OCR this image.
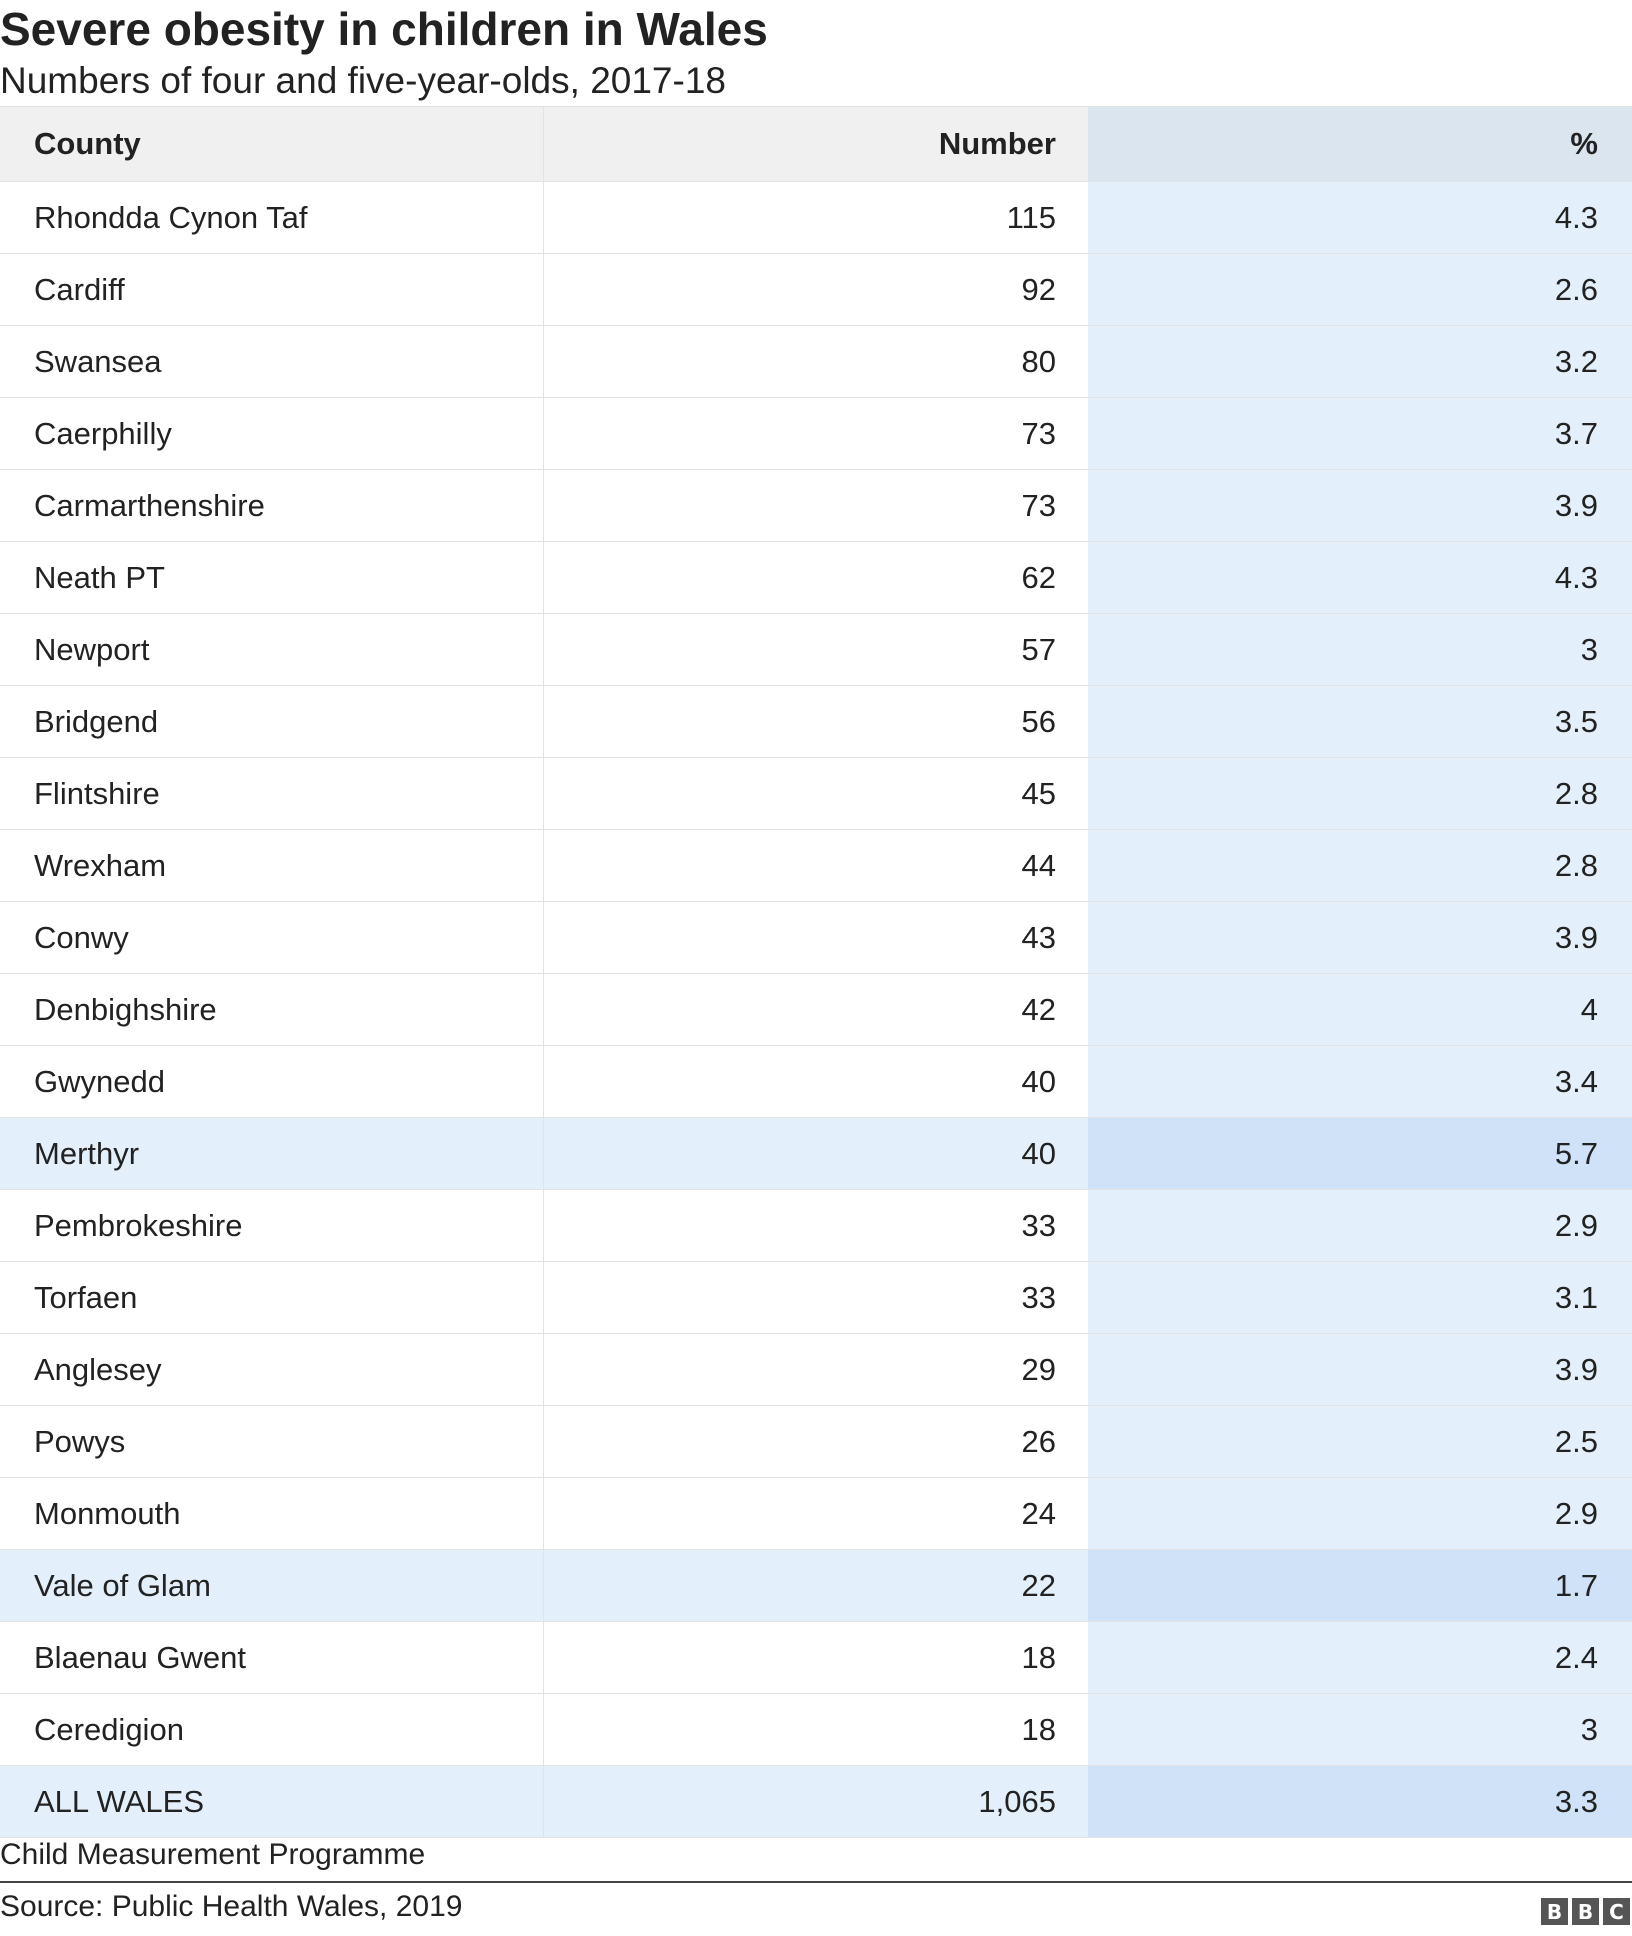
Severe obesity in children in Wales
Numbers of four and five-year-olds, 2017-18
County	Number	%
Rhondda Cynon Taf	115	4.3
Cardiff	92	2.6
Swansea	80	3.2
Caerphilly	73	3.7
Carmarthenshire	73	3.9
Neath PT	62	4.3
Newport	57	3
Bridgend	56	3.5
Flintshire	45	2.8
Wrexham	44	2.8
Conwy	43	3.9
Denbighshire	42	4
Gwynedd	40	3.4
Merthyr	40	5.7
Pembrokeshire	33	2.9
Torfaen	33	3.1
Anglesey	29	3.9
Powys	26	2.5
Monmouth	24	2.9
Vale of Glam	22	1.7
Blaenau Gwent	18	2.4
Ceredigion	18	3
ALL WALES	1,065	3.3
Child Measurement Programme
Source: Public Health Wales, 2019	B B C
